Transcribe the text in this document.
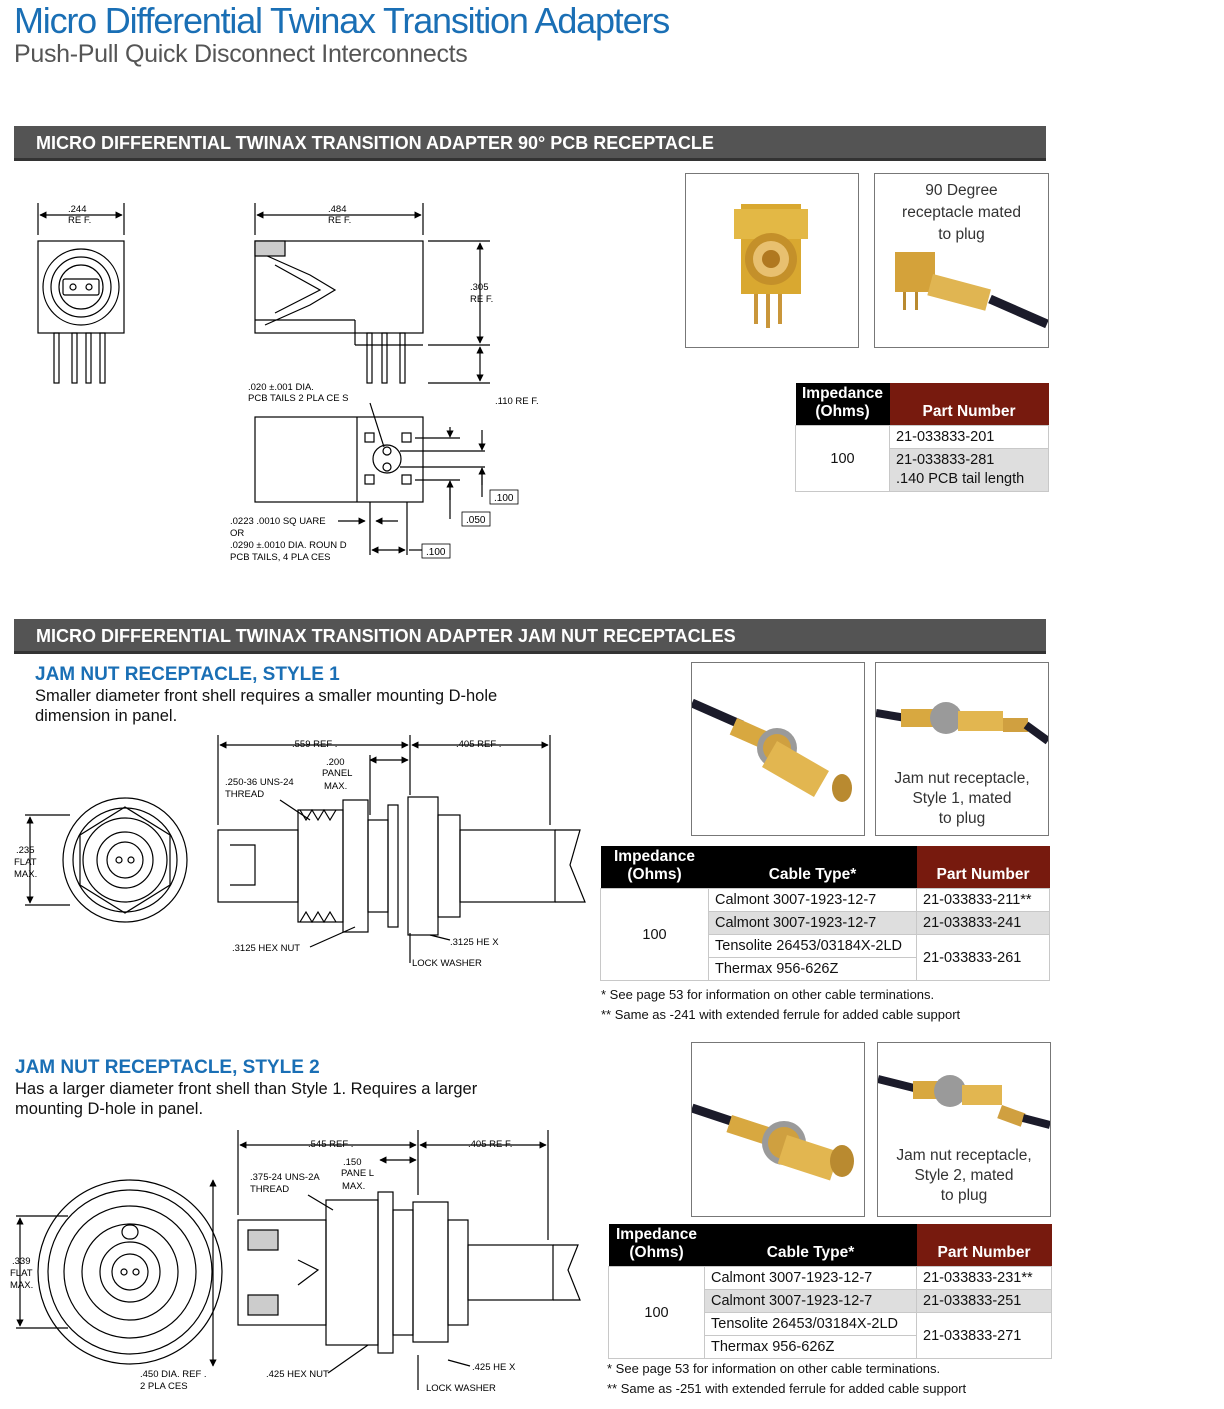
Micro Differential Twinax Transition Adapters
Push-Pull Quick Disconnect Interconnects
MICRO DIFFERENTIAL TWINAX TRANSITION ADAPTER 90° PCB RECEPTACLE
.244
RE F.
.484
RE F.
.305
RE F.
.110 RE F.
.020 ±.001 DIA.
PCB TAILS 2 PLA CE S
.0223 .0010 SQ UARE
OR
.0290 ±.0010 DIA. ROUN D
PCB TAILS, 4 PLA CES
.100
.050
.100
90 Degree
receptacle mated
to plug
Impedance
(Ohms)	Part Number
100	21-033833-201

	21-033833-281
.140 PCB tail length
MICRO DIFFERENTIAL TWINAX TRANSITION ADAPTER JAM NUT RECEPTACLES
JAM NUT RECEPTACLE, STYLE 1
Smaller diameter front shell requires a smaller mounting D-hole
dimension in panel.
.559 REF .	.405 REF .
.200
PANEL
MAX.
.250-36 UNS-24
THREAD
.235
FLAT
MAX.
.3125 HEX NUT
.3125 HE X
LOCK WASHER
Jam nut receptacle,
Style 1, mated
to plug
Impedance
(Ohms)	Cable Type*	Part Number
100	Calmont 3007-1923-12-7	21-033833-211**
	Calmont 3007-1923-12-7	21-033833-241
	Tensolite 26453/03184X-2LD	21-033833-261
	Thermax 956-626Z	
* See page 53 for information on other cable terminations.
** Same as -241 with extended ferrule for added cable support
JAM NUT RECEPTACLE, STYLE 2
Has a larger diameter front shell than Style 1. Requires a larger
mounting D-hole in panel.
.545 REF .	.405 RE F.
.150
PANE L
MAX.
.375-24 UNS-2A
THREAD
.339
FLAT
MAX.
.450 DIA. REF .
2 PLA CES
.425 HEX NUT
.425 HE X
LOCK WASHER
Jam nut receptacle,
Style 2, mated
to plug
Impedance
(Ohms)	Cable Type*	Part Number
100	Calmont 3007-1923-12-7	21-033833-231**
	Calmont 3007-1923-12-7	21-033833-251
	Tensolite 26453/03184X-2LD	21-033833-271
	Thermax 956-626Z	
* See page 53 for information on other cable terminations.
** Same as -251 with extended ferrule for added cable support
